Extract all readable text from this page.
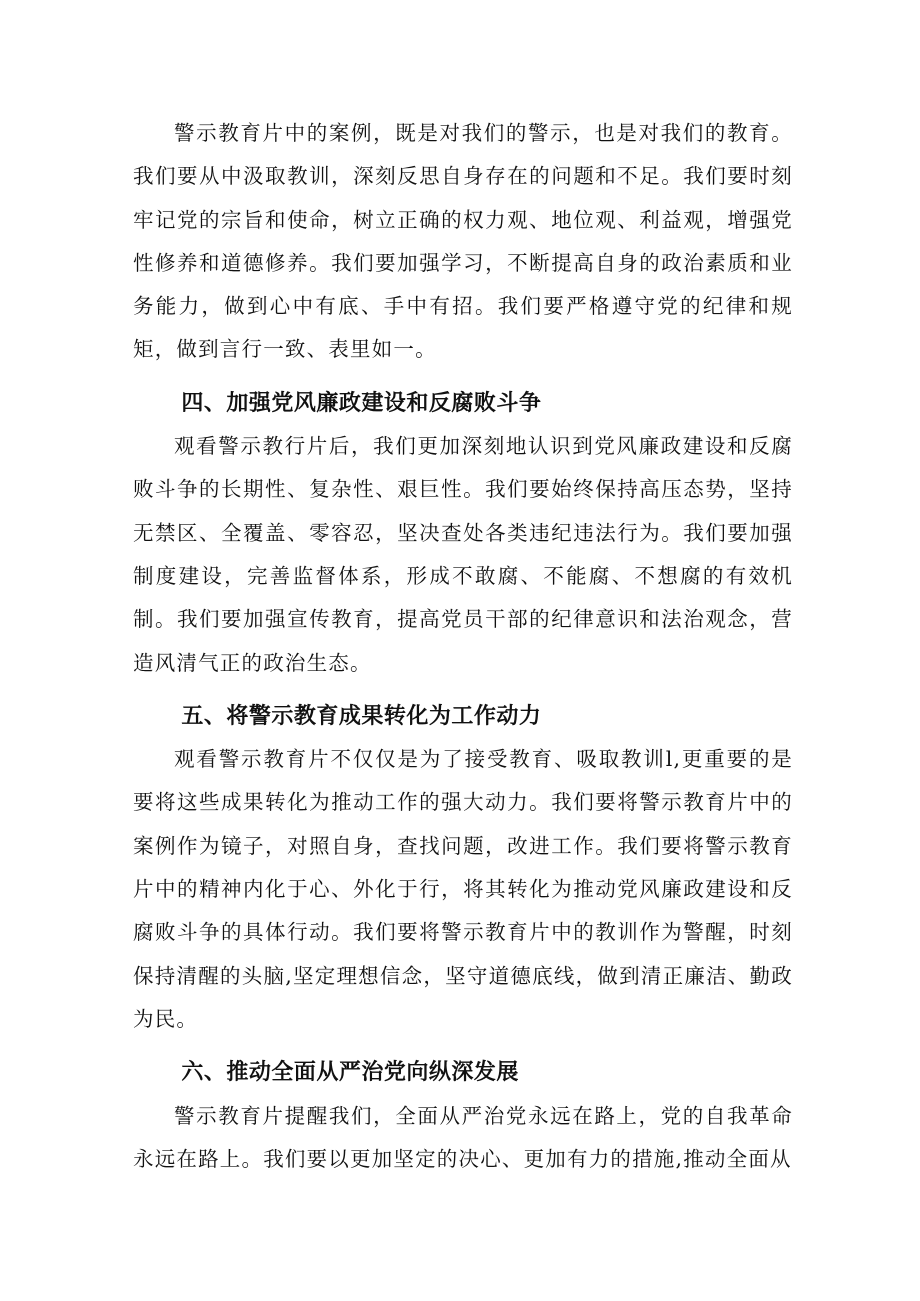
警示教育片中的案例，既是对我们的警示，也是对我们的教育。我们要从中汲取教训，深刻反思自身存在的问题和不足。我们要时刻牢记党的宗旨和使命，树立正确的权力观、地位观、利益观，增强党性修养和道德修养。我们要加强学习，不断提高自身的政治素质和业务能力，做到心中有底、手中有招。我们要严格遵守党的纪律和规矩，做到言行一致、表里如一。

四、加强党风廉政建设和反腐败斗争

观看警示教行片后，我们更加深刻地认识到党风廉政建设和反腐败斗争的长期性、复杂性、艰巨性。我们要始终保持高压态势，坚持无禁区、全覆盖、零容忍，坚决查处各类违纪违法行为。我们要加强制度建设，完善监督体系，形成不敢腐、不能腐、不想腐的有效机制。我们要加强宣传教育，提高党员干部的纪律意识和法治观念，营造风清气正的政治生态。

五、将警示教育成果转化为工作动力

观看警示教育片不仅仅是为了接受教育、吸取教训l,更重要的是要将这些成果转化为推动工作的强大动力。我们要将警示教育片中的案例作为镜子，对照自身，查找问题，改进工作。我们要将警示教育片中的精神内化于心、外化于行，将其转化为推动党风廉政建设和反腐败斗争的具体行动。我们要将警示教育片中的教训作为警醒，时刻保持清醒的头脑,坚定理想信念，坚守道德底线，做到清正廉洁、勤政为民。

六、推动全面从严治党向纵深发展

警示教育片提醒我们，全面从严治党永远在路上，党的自我革命永远在路上。我们要以更加坚定的决心、更加有力的措施,推动全面从
